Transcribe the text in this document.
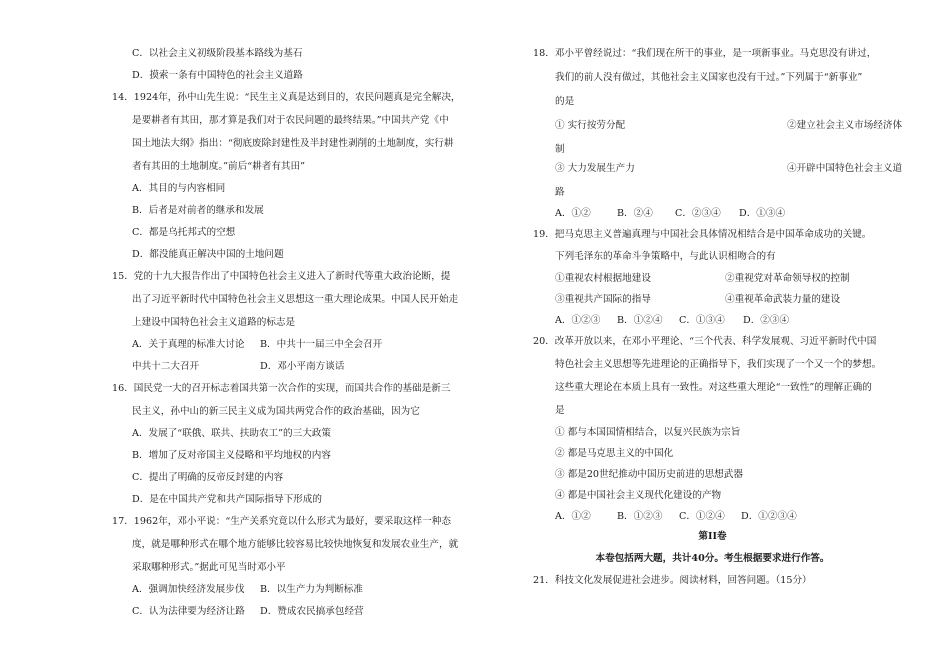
C．以社会主义初级阶段基本路线为基石
D．摸索一条有中国特色的社会主义道路
14．1924年，孙中山先生说：“民生主义真是达到目的，农民问题真是完全解决，
是要耕者有其田，那才算是我们对于农民问题的最终结果。”中国共产党《中
国土地法大纲》指出：“彻底废除封建性及半封建性剥削的土地制度，实行耕
者有其田的土地制度。”前后“耕者有其田”
A．其目的与内容相同
B．后者是对前者的继承和发展
C．都是乌托邦式的空想
D．都没能真正解决中国的土地问题
15．党的十九大报告作出了中国特色社会主义进入了新时代等重大政治论断，提
出了习近平新时代中国特色社会主义思想这一重大理论成果。中国人民开始走
上建设中国特色社会主义道路的标志是
A．关于真理的标准大讨论 B．中共十一届三中全会召开
中共十二大召开	D．邓小平南方谈话
16．国民党一大的召开标志着国共第一次合作的实现，而国共合作的基础是新三
民主义，孙中山的新三民主义成为国共两党合作的政治基础，因为它
A．发展了“联俄、联共、扶助农工”的三大政策
B．增加了反对帝国主义侵略和平均地权的内容
C．提出了明确的反帝反封建的内容
D．是在中国共产党和共产国际指导下形成的
17．1962年，邓小平说：“生产关系究竟以什么形式为最好，要采取这样一种态
度，就是哪种形式在哪个地方能够比较容易比较快地恢复和发展农业生产，就
采取哪种形式。”据此可见当时邓小平
A．强调加快经济发展步伐 B．以生产力为判断标准
C．认为法律要为经济让路 D．赞成农民搞承包经营
18．邓小平曾经说过：“我们现在所干的事业，是一项新事业。马克思没有讲过，
我们的前人没有做过，其他社会主义国家也没有干过。”下列属于“新事业”
的是
① 实行按劳分配	②建立社会主义市场经济体
制
③ 大力发展生产力	④开辟中国特色社会主义道
路
A．①②	B．②④ C．②③④ D．①③④
19．把马克思主义普遍真理与中国社会具体情况相结合是中国革命成功的关键。
下列毛泽东的革命斗争策略中，与此认识相吻合的有
①重视农村根据地建设	②重视党对革命领导权的控制
③重视共产国际的指导	④重视革命武装力量的建设
A．①②③ B．①②④ C．①③④ D．②③④
20．改革开放以来，在邓小平理论、“三个代表、科学发展观、习近平新时代中国
特色社会主义思想等先进理论的正确指导下，我们实现了一个又一个的梦想。
这些重大理论在本质上具有一致性。对这些重大理论“一致性”的理解正确的
是
① 都与本国国情相结合，以复兴民族为宗旨
② 都是马克思主义的中国化
③ 都是20世纪推动中国历史前进的思想武器
④ 都是中国社会主义现代化建设的产物
A．①②	B．①②③ C．①②④ D．①②③④
第II卷
本卷包括两大题，共计40分。考生根据要求进行作答。
21．科技文化发展促进社会进步。阅读材料，回答问题。（15分）
